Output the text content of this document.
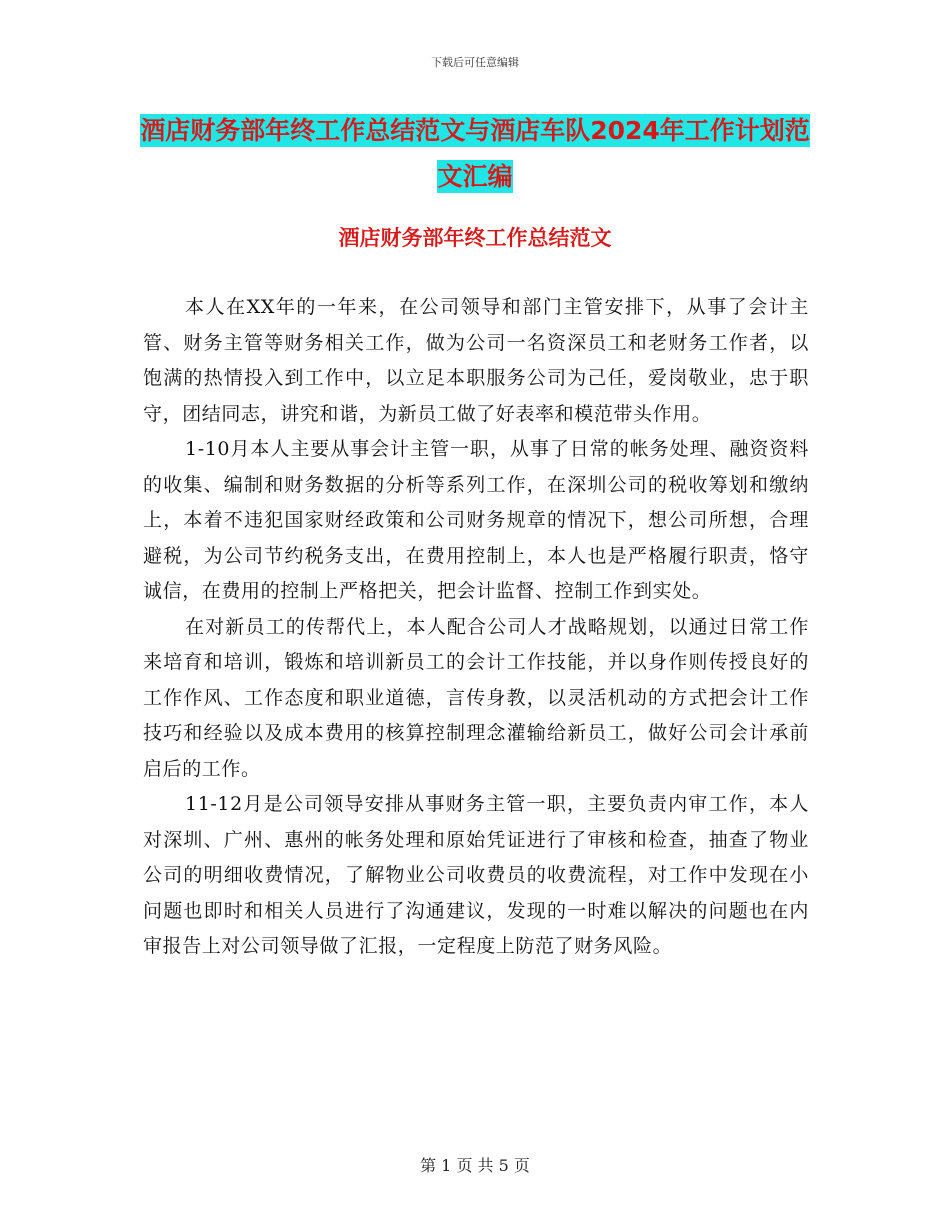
下载后可任意编辑
酒店财务部年终工作总结范文与酒店车队2024年工作计划范文汇编
酒店财务部年终工作总结范文

本人在XX年的一年来，在公司领导和部门主管安排下，从事了会计主管、财务主管等财务相关工作，做为公司一名资深员工和老财务工作者，以饱满的热情投入到工作中，以立足本职服务公司为己任，爱岗敬业，忠于职守，团结同志，讲究和谐，为新员工做了好表率和模范带头作用。

1-10月本人主要从事会计主管一职，从事了日常的帐务处理、融资资料的收集、编制和财务数据的分析等系列工作，在深圳公司的税收筹划和缴纳上，本着不违犯国家财经政策和公司财务规章的情况下，想公司所想，合理避税，为公司节约税务支出，在费用控制上，本人也是严格履行职责，恪守诚信，在费用的控制上严格把关，把会计监督、控制工作到实处。

在对新员工的传帮代上，本人配合公司人才战略规划，以通过日常工作来培育和培训，锻炼和培训新员工的会计工作技能，并以身作则传授良好的工作作风、工作态度和职业道德，言传身教，以灵活机动的方式把会计工作技巧和经验以及成本费用的核算控制理念灌输给新员工，做好公司会计承前启后的工作。

11-12月是公司领导安排从事财务主管一职，主要负责内审工作，本人对深圳、广州、惠州的帐务处理和原始凭证进行了审核和检查，抽查了物业公司的明细收费情况，了解物业公司收费员的收费流程，对工作中发现在小问题也即时和相关人员进行了沟通建议，发现的一时难以解决的问题也在内审报告上对公司领导做了汇报，一定程度上防范了财务风险。

第 1 页 共 5 页
